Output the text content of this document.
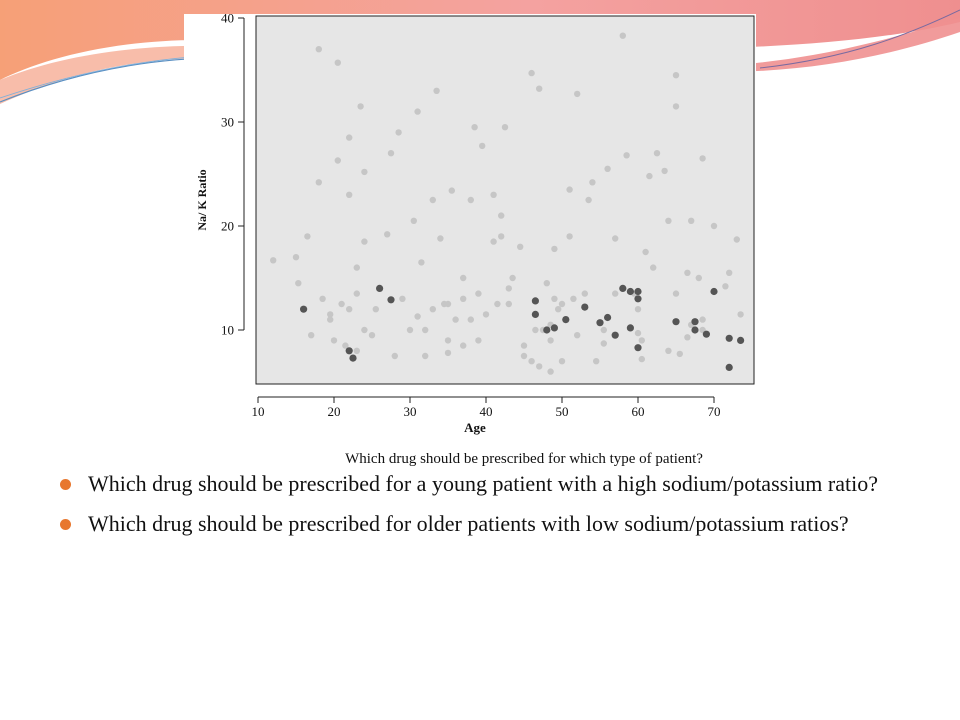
10	20	30	40	50	60	70
10
20
30
40
Age
Na/ K Ratio
Which drug should be prescribed for which type of patient?
Which drug should be prescribed for a young patient with a high sodium/potassium ratio?
Which drug should be prescribed for older patients with low sodium/potassium ratios?
